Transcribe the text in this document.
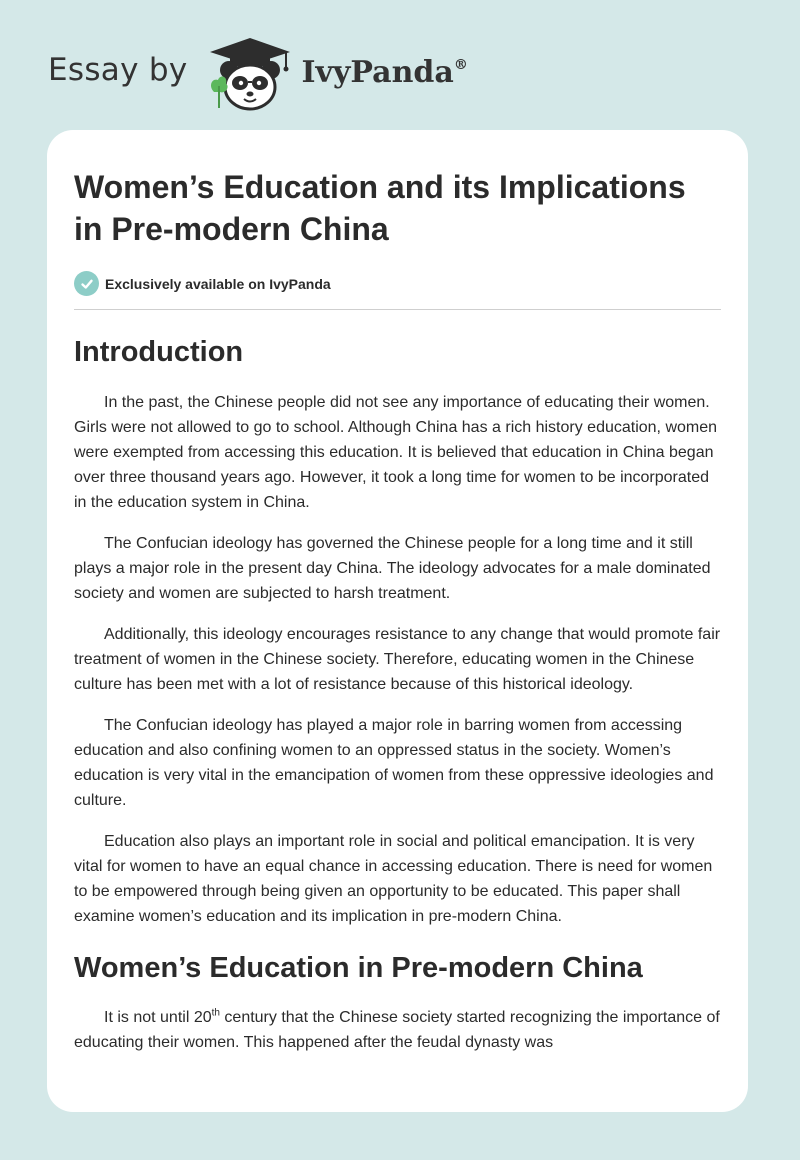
Essay by	IvyPanda®
Women’s Education and its Implications
in Pre-modern China
Exclusively available on IvyPanda
Introduction

In the past, the Chinese people did not see any importance of educating their women. Girls were not allowed to go to school. Although China has a rich history education, women were exempted from accessing this education. It is believed that education in China began over three thousand years ago. However, it took a long time for women to be incorporated in the education system in China.

The Confucian ideology has governed the Chinese people for a long time and it still plays a major role in the present day China. The ideology advocates for a male dominated society and women are subjected to harsh treatment.

Additionally, this ideology encourages resistance to any change that would promote fair treatment of women in the Chinese society. Therefore, educating women in the Chinese culture has been met with a lot of resistance because of this historical ideology.

The Confucian ideology has played a major role in barring women from accessing education and also confining women to an oppressed status in the society. Women’s education is very vital in the emancipation of women from these oppressive ideologies and culture.

Education also plays an important role in social and political emancipation. It is very vital for women to have an equal chance in accessing education. There is need for women to be empowered through being given an opportunity to be educated. This paper shall examine women’s education and its implication in pre-modern China.

Women’s Education in Pre-modern China

It is not until 20th century that the Chinese society started recognizing the importance of educating their women. This happened after the feudal dynasty was
